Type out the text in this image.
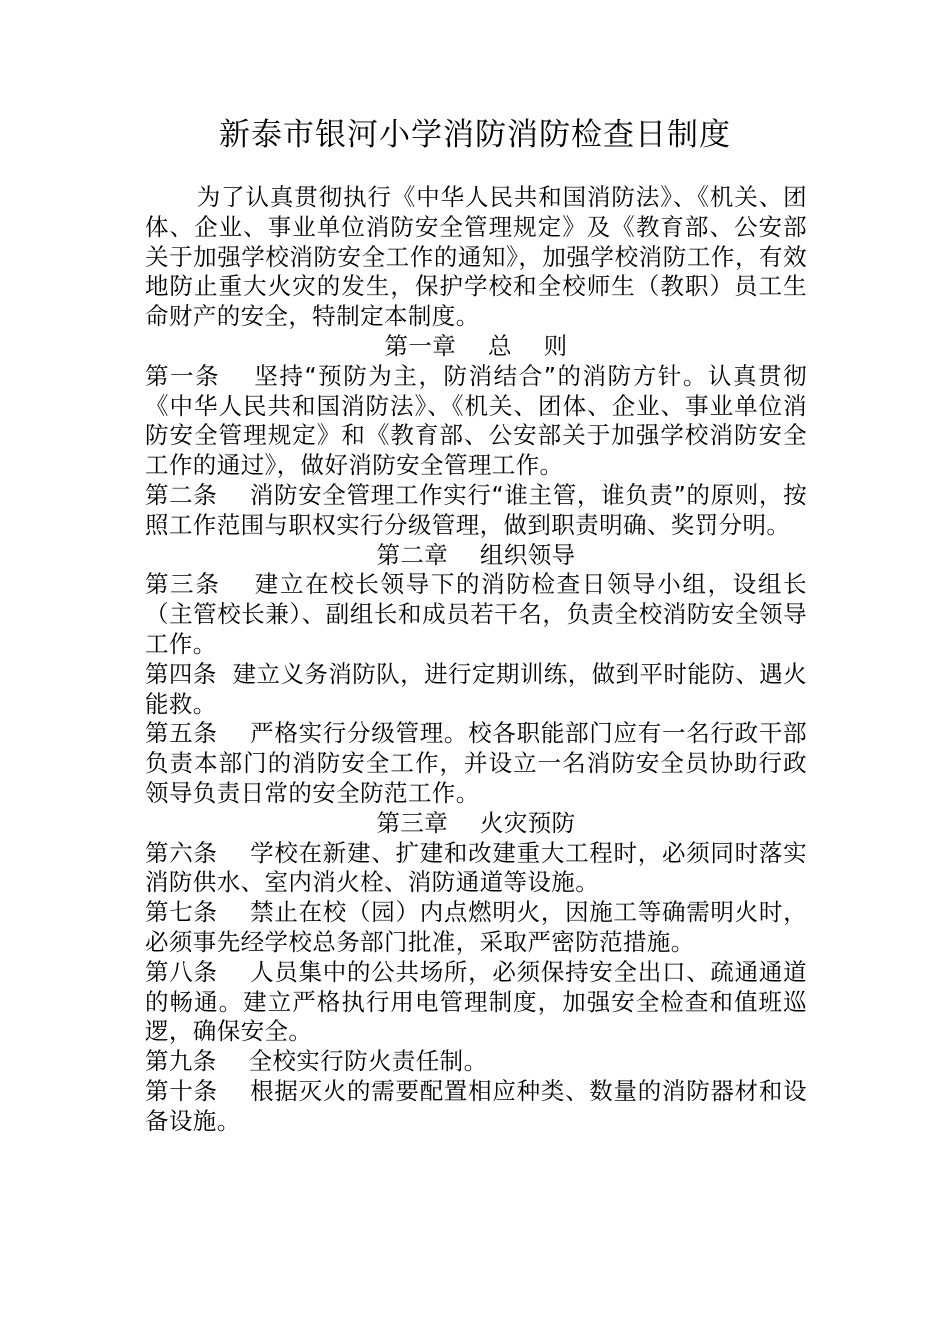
新泰市银河小学消防消防检查日制度

为了认真贯彻执行《中华人民共和国消防法》、《机关、团体、企业、事业单位消防安全管理规定》及《教育部、公安部关于加强学校消防安全工作的通知》，加强学校消防工作，有效地防止重大火灾的发生，保护学校和全校师生（教职）员工生命财产的安全，特制定本制度。

第一章　 总　 则

第一条　 坚持“预防为主，防消结合”的消防方针。认真贯彻《中华人民共和国消防法》、《机关、团体、企业、事业单位消防安全管理规定》和《教育部、公安部关于加强学校消防安全工作的通过》，做好消防安全管理工作。

第二条　 消防安全管理工作实行“谁主管，谁负责”的原则，按照工作范围与职权实行分级管理，做到职责明确、奖罚分明。

第二章　 组织领导

第三条　 建立在校长领导下的消防检查日领导小组，设组长（主管校长兼）、副组长和成员若干名，负责全校消防安全领导工作。

第四条 建立义务消防队，进行定期训练，做到平时能防、遇火能救。

第五条　 严格实行分级管理。校各职能部门应有一名行政干部负责本部门的消防安全工作，并设立一名消防安全员协助行政领导负责日常的安全防范工作。

第三章　 火灾预防

第六条　 学校在新建、扩建和改建重大工程时，必须同时落实消防供水、室内消火栓、消防通道等设施。

第七条　 禁止在校（园）内点燃明火，因施工等确需明火时，必须事先经学校总务部门批准，采取严密防范措施。

第八条　 人员集中的公共场所，必须保持安全出口、疏通通道的畅通。建立严格执行用电管理制度，加强安全检查和值班巡逻，确保安全。

第九条　 全校实行防火责任制。

第十条　 根据灭火的需要配置相应种类、数量的消防器材和设备设施。
